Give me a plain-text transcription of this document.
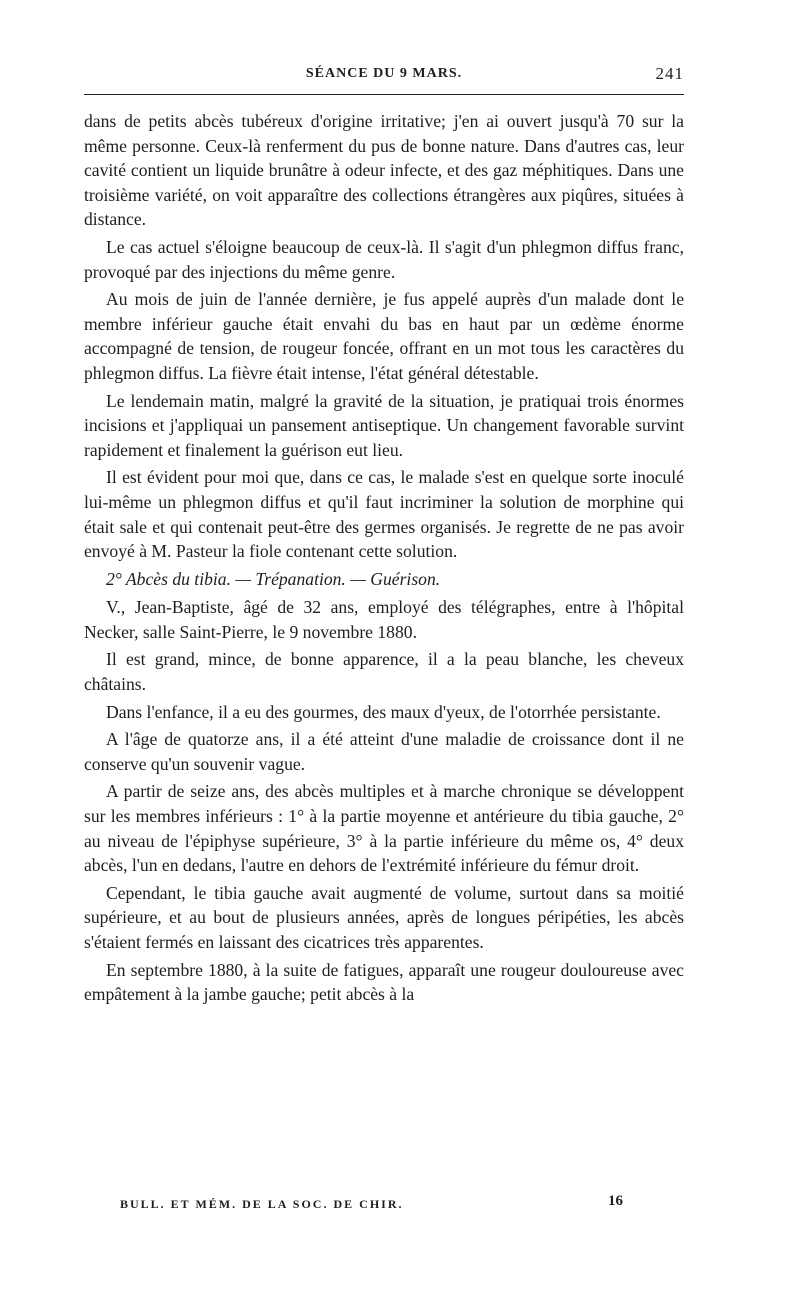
SÉANCE DU 9 MARS.	241

dans de petits abcès tubéreux d'origine irritative; j'en ai ouvert jusqu'à 70 sur la même personne. Ceux-là renferment du pus de bonne nature. Dans d'autres cas, leur cavité contient un liquide brunâtre à odeur infecte, et des gaz méphitiques. Dans une troisième variété, on voit apparaître des collections étrangères aux piqûres, situées à distance.

Le cas actuel s'éloigne beaucoup de ceux-là. Il s'agit d'un phlegmon diffus franc, provoqué par des injections du même genre.

Au mois de juin de l'année dernière, je fus appelé auprès d'un malade dont le membre inférieur gauche était envahi du bas en haut par un œdème énorme accompagné de tension, de rougeur foncée, offrant en un mot tous les caractères du phlegmon diffus. La fièvre était intense, l'état général détestable.

Le lendemain matin, malgré la gravité de la situation, je pratiquai trois énormes incisions et j'appliquai un pansement antiseptique. Un changement favorable survint rapidement et finalement la guérison eut lieu.

Il est évident pour moi que, dans ce cas, le malade s'est en quelque sorte inoculé lui-même un phlegmon diffus et qu'il faut incriminer la solution de morphine qui était sale et qui contenait peut-être des germes organisés. Je regrette de ne pas avoir envoyé à M. Pasteur la fiole contenant cette solution.

2° Abcès du tibia. — Trépanation. — Guérison.

V., Jean-Baptiste, âgé de 32 ans, employé des télégraphes, entre à l'hôpital Necker, salle Saint-Pierre, le 9 novembre 1880.

Il est grand, mince, de bonne apparence, il a la peau blanche, les cheveux châtains.

Dans l'enfance, il a eu des gourmes, des maux d'yeux, de l'otorrhée persistante.

A l'âge de quatorze ans, il a été atteint d'une maladie de croissance dont il ne conserve qu'un souvenir vague.

A partir de seize ans, des abcès multiples et à marche chronique se développent sur les membres inférieurs : 1° à la partie moyenne et antérieure du tibia gauche, 2° au niveau de l'épiphyse supérieure, 3° à la partie inférieure du même os, 4° deux abcès, l'un en dedans, l'autre en dehors de l'extrémité inférieure du fémur droit.

Cependant, le tibia gauche avait augmenté de volume, surtout dans sa moitié supérieure, et au bout de plusieurs années, après de longues péripéties, les abcès s'étaient fermés en laissant des cicatrices très apparentes.

En septembre 1880, à la suite de fatigues, apparaît une rougeur douloureuse avec empâtement à la jambe gauche; petit abcès à la

BULL. ET MÉM. DE LA SOC. DE CHIR.	16
